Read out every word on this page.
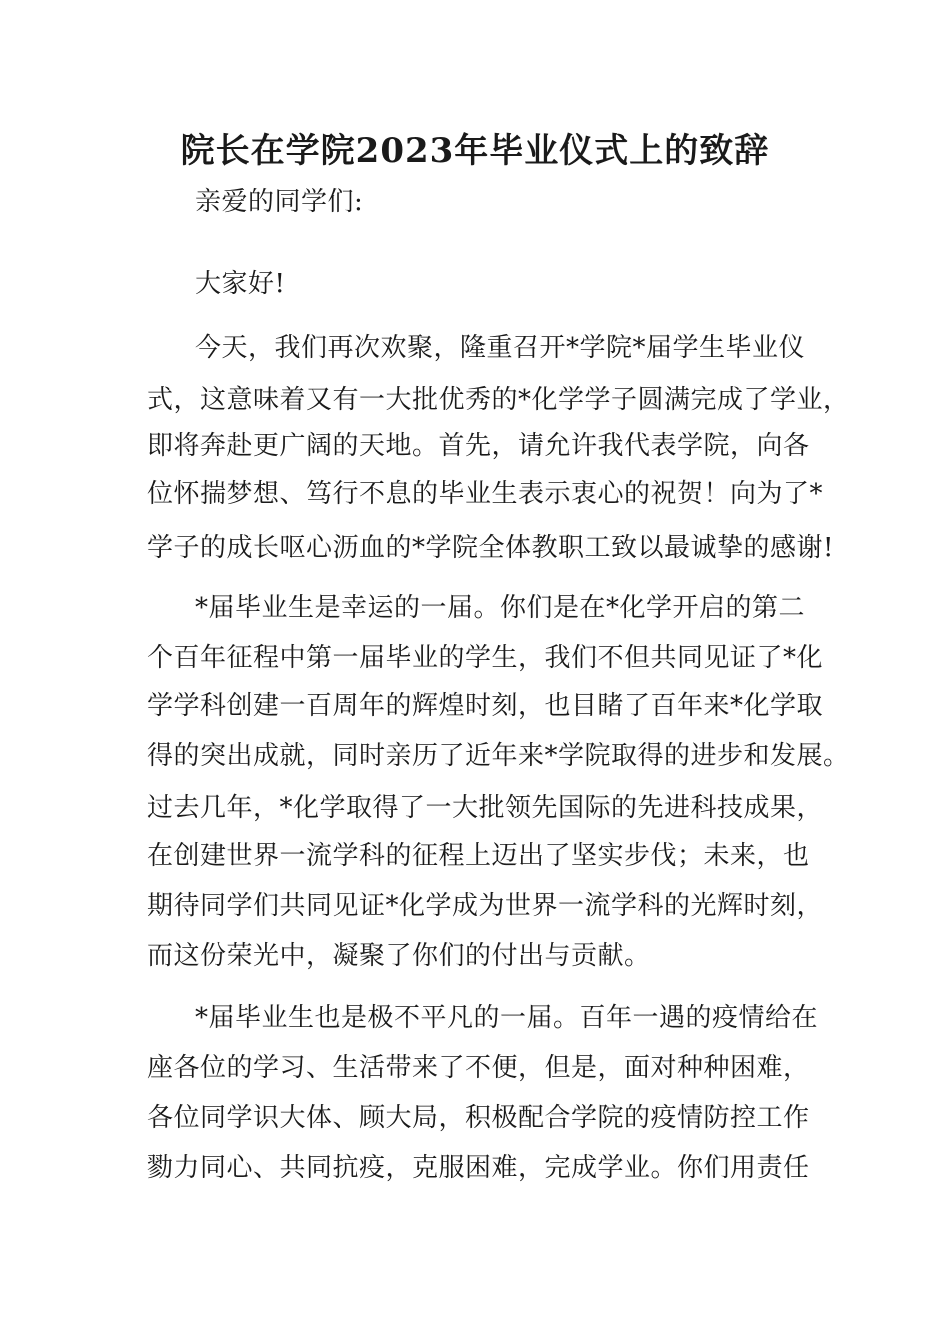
院长在学院2023年毕业仪式上的致辞

亲爱的同学们:

大家好!

今天，我们再次欢聚，隆重召开*学院*届学生毕业仪

式，这意味着又有一大批优秀的*化学学子圆满完成了学业，

即将奔赴更广阔的天地。首先，请允许我代表学院，向各

位怀揣梦想、笃行不息的毕业生表示衷心的祝贺！向为了*

学子的成长呕心沥血的*学院全体教职工致以最诚挚的感谢!

*届毕业生是幸运的一届。你们是在*化学开启的第二

个百年征程中第一届毕业的学生，我们不但共同见证了*化

学学科创建一百周年的辉煌时刻，也目睹了百年来*化学取

得的突出成就，同时亲历了近年来*学院取得的进步和发展。

过去几年，*化学取得了一大批领先国际的先进科技成果，

在创建世界一流学科的征程上迈出了坚实步伐；未来，也

期待同学们共同见证*化学成为世界一流学科的光辉时刻，

而这份荣光中，凝聚了你们的付出与贡献。

*届毕业生也是极不平凡的一届。百年一遇的疫情给在

座各位的学习、生活带来了不便，但是，面对种种困难，

各位同学识大体、顾大局，积极配合学院的疫情防控工作

勠力同心、共同抗疫，克服困难，完成学业。你们用责任
